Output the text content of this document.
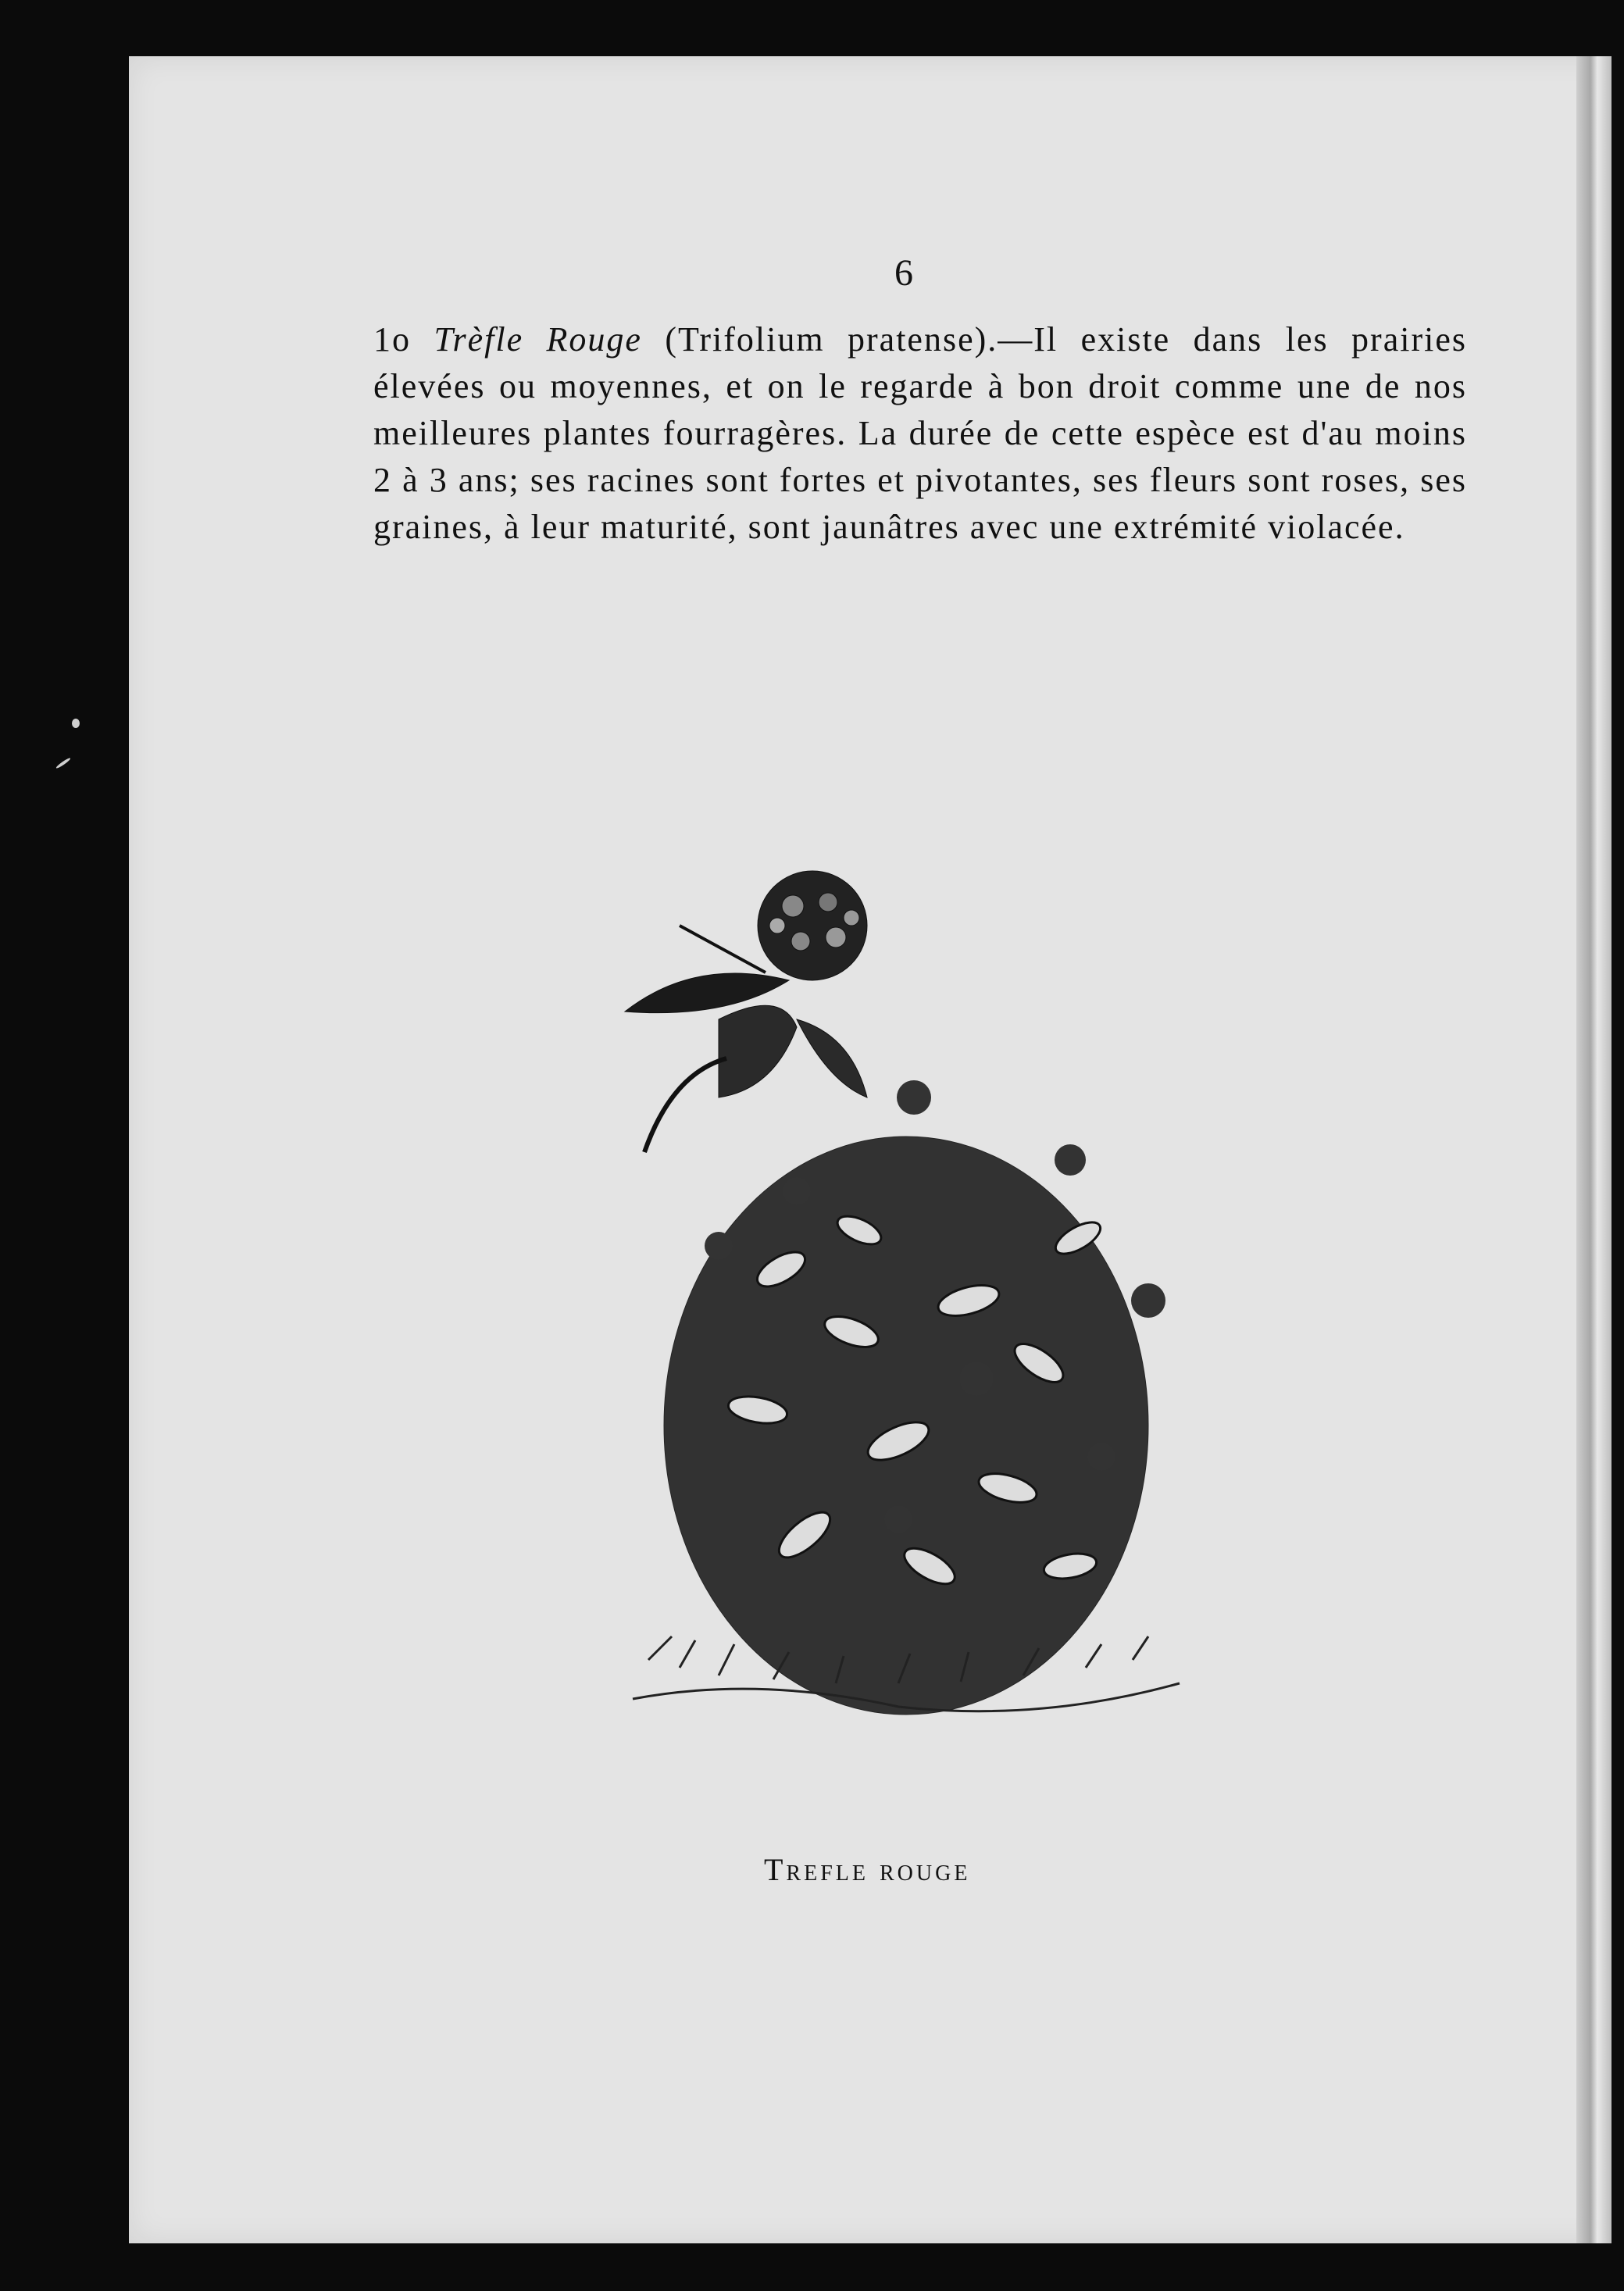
6
1o Trèfle Rouge (Trifolium pratense).—Il existe dans les prairies élevées ou moyennes, et on le regarde à bon droit comme une de nos meilleures plantes fourragères. La durée de cette espèce est d'au moins 2 à 3 ans; ses racines sont fortes et pivotantes, ses fleurs sont roses, ses graines, à leur maturité, sont jaunâtres avec une extrémité violacée.
Trefle rouge
